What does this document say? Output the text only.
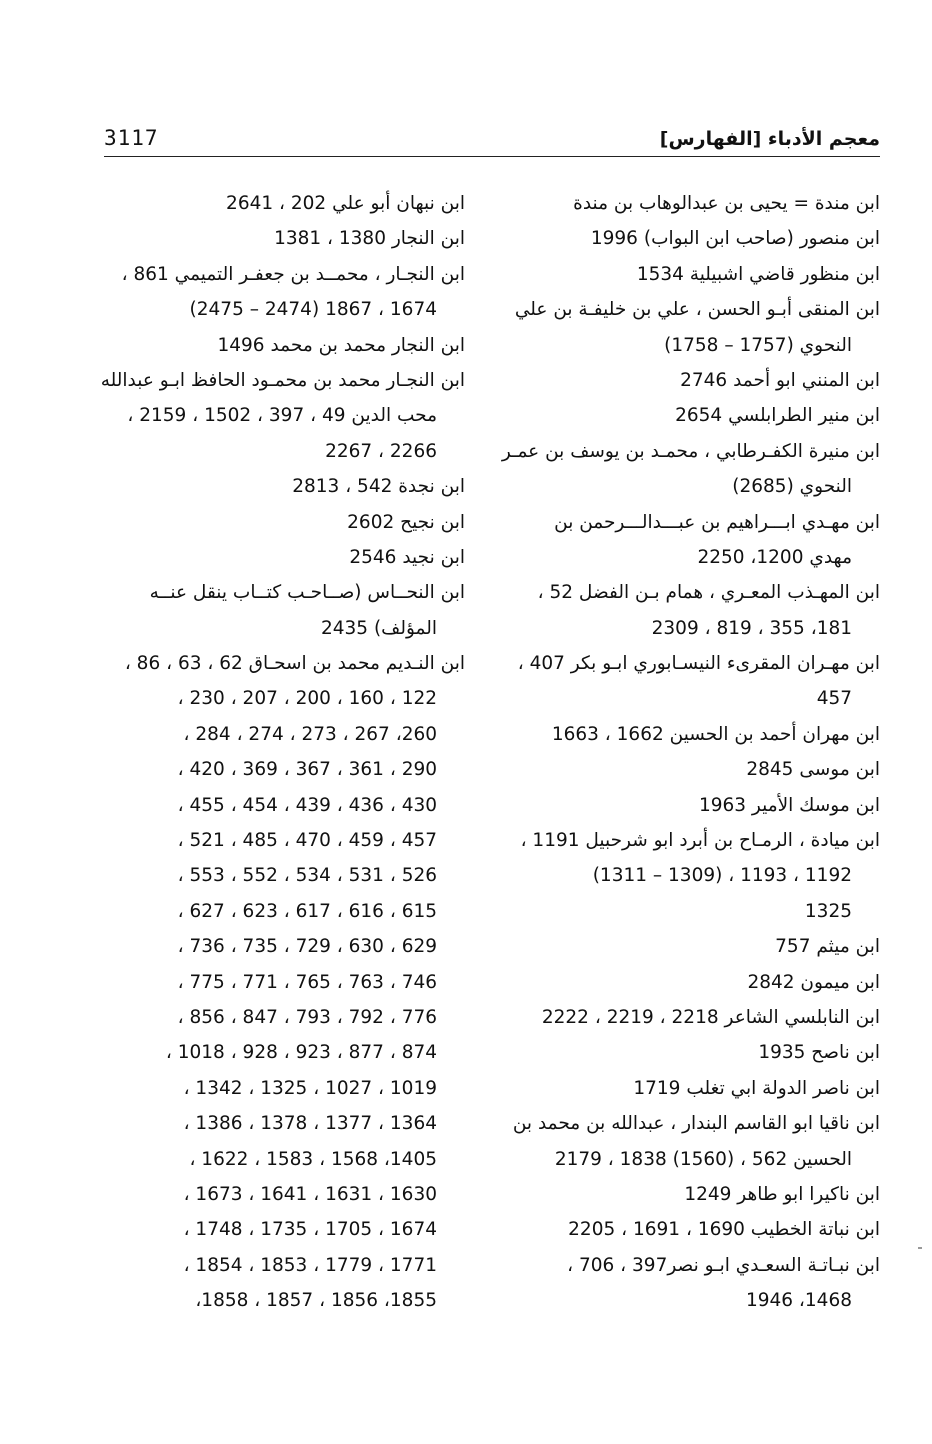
معجم الأدباء [الفهارس]
3117
ابن مندة = يحيى بن عبدالوهاب بن مندة
ابن منصور (صاحب ابن البواب) 1996
ابن منظور قاضي اشبيلية 1534
ابن المنقى أبـو الحسن ، علي بن خليفـة بن علي
النحوي (1757 – 1758)
ابن المنني ابو أحمد 2746
ابن منير الطرابلسي 2654
ابن منيرة الكفـرطابي ، محمـد بن يوسف بن عمـر
النحوي (2685)
ابن مهـدي ابـــراهيم بن عبـــدالـــرحمن بن
مهدي 1200، 2250
ابن المهـذب المعـري ، همام بـن الفضل 52 ،
181، 355 ، 819 ، 2309
ابن مهـران المقرىء النيسـابوري ابـو بكر 407 ،
457
ابن مهران أحمد بن الحسين 1662 ، 1663
ابن موسى 2845
ابن موسك الأمير 1963
ابن ميادة ، الرمـاح بن أبرد ابو شرحبيل 1191 ،
1192 ، 1193 ، (1309 – 1311)
1325
ابن ميثم 757
ابن ميمون 2842
ابن النابلسي الشاعر 2218 ، 2219 ، 2222
ابن ناصح 1935
ابن ناصر الدولة ابي تغلب 1719
ابن ناقيا ابو القاسم البندار ، عبدالله بن محمد بن
الحسين 562 ، (1560) 1838 ، 2179
ابن ناكيرا ابو طاهر 1249
ابن نباتة الخطيب 1690 ، 1691 ، 2205
ابن نبـاتـة السعـدي ابـو نصر397 ، 706 ،
1468، 1946
ابن نبهان أبو علي 202 ، 2641
ابن النجار 1380 ، 1381
ابن النجـار ، محمــد بن جعفـر التميمي 861 ،
1674 ، 1867 (2474 – 2475)
ابن النجار محمد بن محمد 1496
ابن النجـار محمد بن محمـود الحافظ ابـو عبدالله
محب الدين 49 ، 397 ، 1502 ، 2159 ،
2266 ، 2267
ابن نجدة 542 ، 2813
ابن نجيح 2602
ابن نجيد 2546
ابن النحــاس (صــاحـب كتــاب ينقل عنــه
المؤلف) 2435
ابن النـديم محمد بن اسحـاق 62 ، 63 ، 86 ،
122 ، 160 ، 200 ، 207 ، 230 ،
260، 267 ، 273 ، 274 ، 284 ،
290 ، 361 ، 367 ، 369 ، 420 ،
430 ، 436 ، 439 ، 454 ، 455 ،
457 ، 459 ، 470 ، 485 ، 521 ،
526 ، 531 ، 534 ، 552 ، 553 ،
615 ، 616 ، 617 ، 623 ، 627 ،
629 ، 630 ، 729 ، 735 ، 736 ،
746 ، 763 ، 765 ، 771 ، 775 ،
776 ، 792 ، 793 ، 847 ، 856 ،
874 ، 877 ، 923 ، 928 ، 1018 ،
1019 ، 1027 ، 1325 ، 1342 ،
1364 ، 1377 ، 1378 ، 1386 ،
1405، 1568 ، 1583 ، 1622 ،
1630 ، 1631 ، 1641 ، 1673 ،
1674 ، 1705 ، 1735 ، 1748 ،
1771 ، 1779 ، 1853 ، 1854 ،
1855، 1856 ، 1857 ، 1858،
